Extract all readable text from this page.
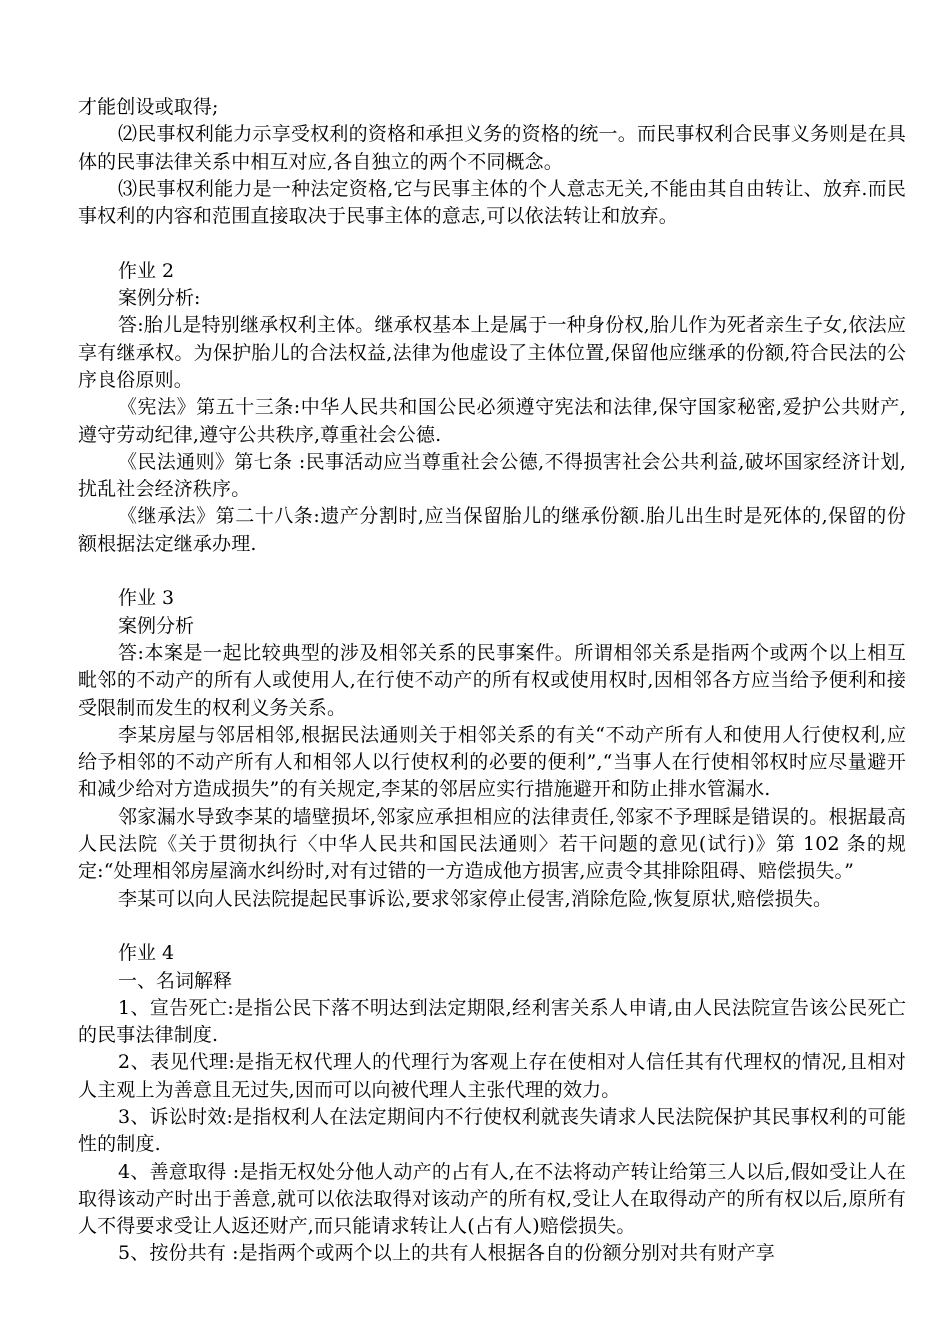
才能创设或取得;

⑵民事权利能力示享受权利的资格和承担义务的资格的统一。而民事权利合民事义务则是在具体的民事法律关系中相互对应,各自独立的两个不同概念。

⑶民事权利能力是一种法定资格,它与民事主体的个人意志无关,不能由其自由转让、放弃.而民事权利的内容和范围直接取决于民事主体的意志,可以依法转让和放弃。

作业 2

案例分析:

答:胎儿是特别继承权利主体。继承权基本上是属于一种身份权,胎儿作为死者亲生子女,依法应享有继承权。为保护胎儿的合法权益,法律为他虚设了主体位置,保留他应继承的份额,符合民法的公序良俗原则。

《宪法》第五十三条:中华人民共和国公民必须遵守宪法和法律,保守国家秘密,爱护公共财产,遵守劳动纪律,遵守公共秩序,尊重社会公德.

《民法通则》第七条 :民事活动应当尊重社会公德,不得损害社会公共利益,破坏国家经济计划,扰乱社会经济秩序。

《继承法》第二十八条:遗产分割时,应当保留胎儿的继承份额.胎儿出生时是死体的,保留的份额根据法定继承办理.

作业 3

案例分析

答:本案是一起比较典型的涉及相邻关系的民事案件。所谓相邻关系是指两个或两个以上相互毗邻的不动产的所有人或使用人,在行使不动产的所有权或使用权时,因相邻各方应当给予便利和接受限制而发生的权利义务关系。

李某房屋与邻居相邻,根据民法通则关于相邻关系的有关“不动产所有人和使用人行使权利,应给予相邻的不动产所有人和相邻人以行使权利的必要的便利”,“当事人在行使相邻权时应尽量避开和减少给对方造成损失”的有关规定,李某的邻居应实行措施避开和防止排水管漏水.

邻家漏水导致李某的墙壁损坏,邻家应承担相应的法律责任,邻家不予理睬是错误的。根据最高人民法院《关于贯彻执行〈中华人民共和国民法通则〉若干问题的意见(试行)》第 102 条的规定:“处理相邻房屋滴水纠纷时,对有过错的一方造成他方损害,应责令其排除阻碍、赔偿损失。”

李某可以向人民法院提起民事诉讼,要求邻家停止侵害,消除危险,恢复原状,赔偿损失。

作业 4

一、名词解释

1、宣告死亡:是指公民下落不明达到法定期限,经利害关系人申请,由人民法院宣告该公民死亡的民事法律制度.

2、表见代理:是指无权代理人的代理行为客观上存在使相对人信任其有代理权的情况,且相对人主观上为善意且无过失,因而可以向被代理人主张代理的效力。

3、诉讼时效:是指权利人在法定期间内不行使权利就丧失请求人民法院保护其民事权利的可能性的制度.

4、善意取得 :是指无权处分他人动产的占有人,在不法将动产转让给第三人以后,假如受让人在取得该动产时出于善意,就可以依法取得对该动产的所有权,受让人在取得动产的所有权以后,原所有人不得要求受让人返还财产,而只能请求转让人(占有人)赔偿损失。

5、按份共有 :是指两个或两个以上的共有人根据各自的份额分别对共有财产享
